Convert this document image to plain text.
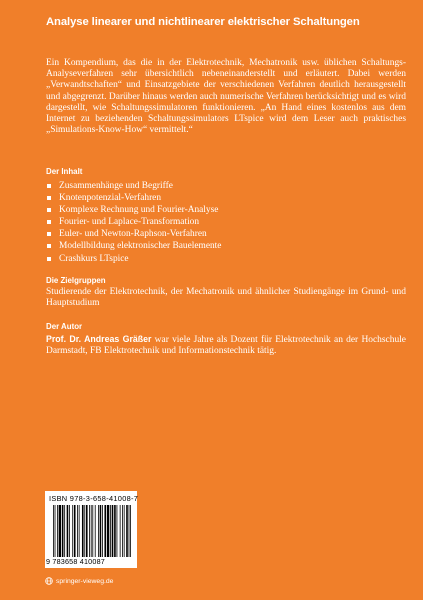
Analyse linearer und nichtlinearer elektrischer Schaltungen
Ein Kompendium, das die in der Elektrotechnik, Mechatronik usw. üblichen Schaltungs-Analyseverfahren sehr übersichtlich nebeneinanderstellt und erläutert. Dabei werden „Verwandtschaften“ und Einsatzgebiete der verschiedenen Verfahren deutlich herausgestellt und abgegrenzt. Darüber hinaus werden auch numerische Verfahren berücksichtigt und es wird dargestellt, wie Schaltungssimulatoren funktionieren. „An Hand eines kostenlos aus dem Internet zu beziehenden Schaltungssimulators LTspice wird dem Leser auch praktisches „Simulations-Know-How“ vermittelt.“
Der Inhalt
Zusammenhänge und Begriffe
Knotenpotenzial-Verfahren
Komplexe Rechnung und Fourier-Analyse
Fourier- und Laplace-Transformation
Euler- und Newton-Raphson-Verfahren
Modellbildung elektronischer Bauelemente
Crashkurs LTspice
Die Zielgruppen
Studierende der Elektrotechnik, der Mechatronik und ähnlicher Studiengänge im Grund- und Hauptstudium
Der Autor
Prof. Dr. Andreas Gräßer war viele Jahre als Dozent für Elektrotechnik an der Hochschule Darmstadt, FB Elektrotechnik und Informationstechnik tätig.
ISBN 978-3-658-41008-7
9 783658 410087
springer-vieweg.de
